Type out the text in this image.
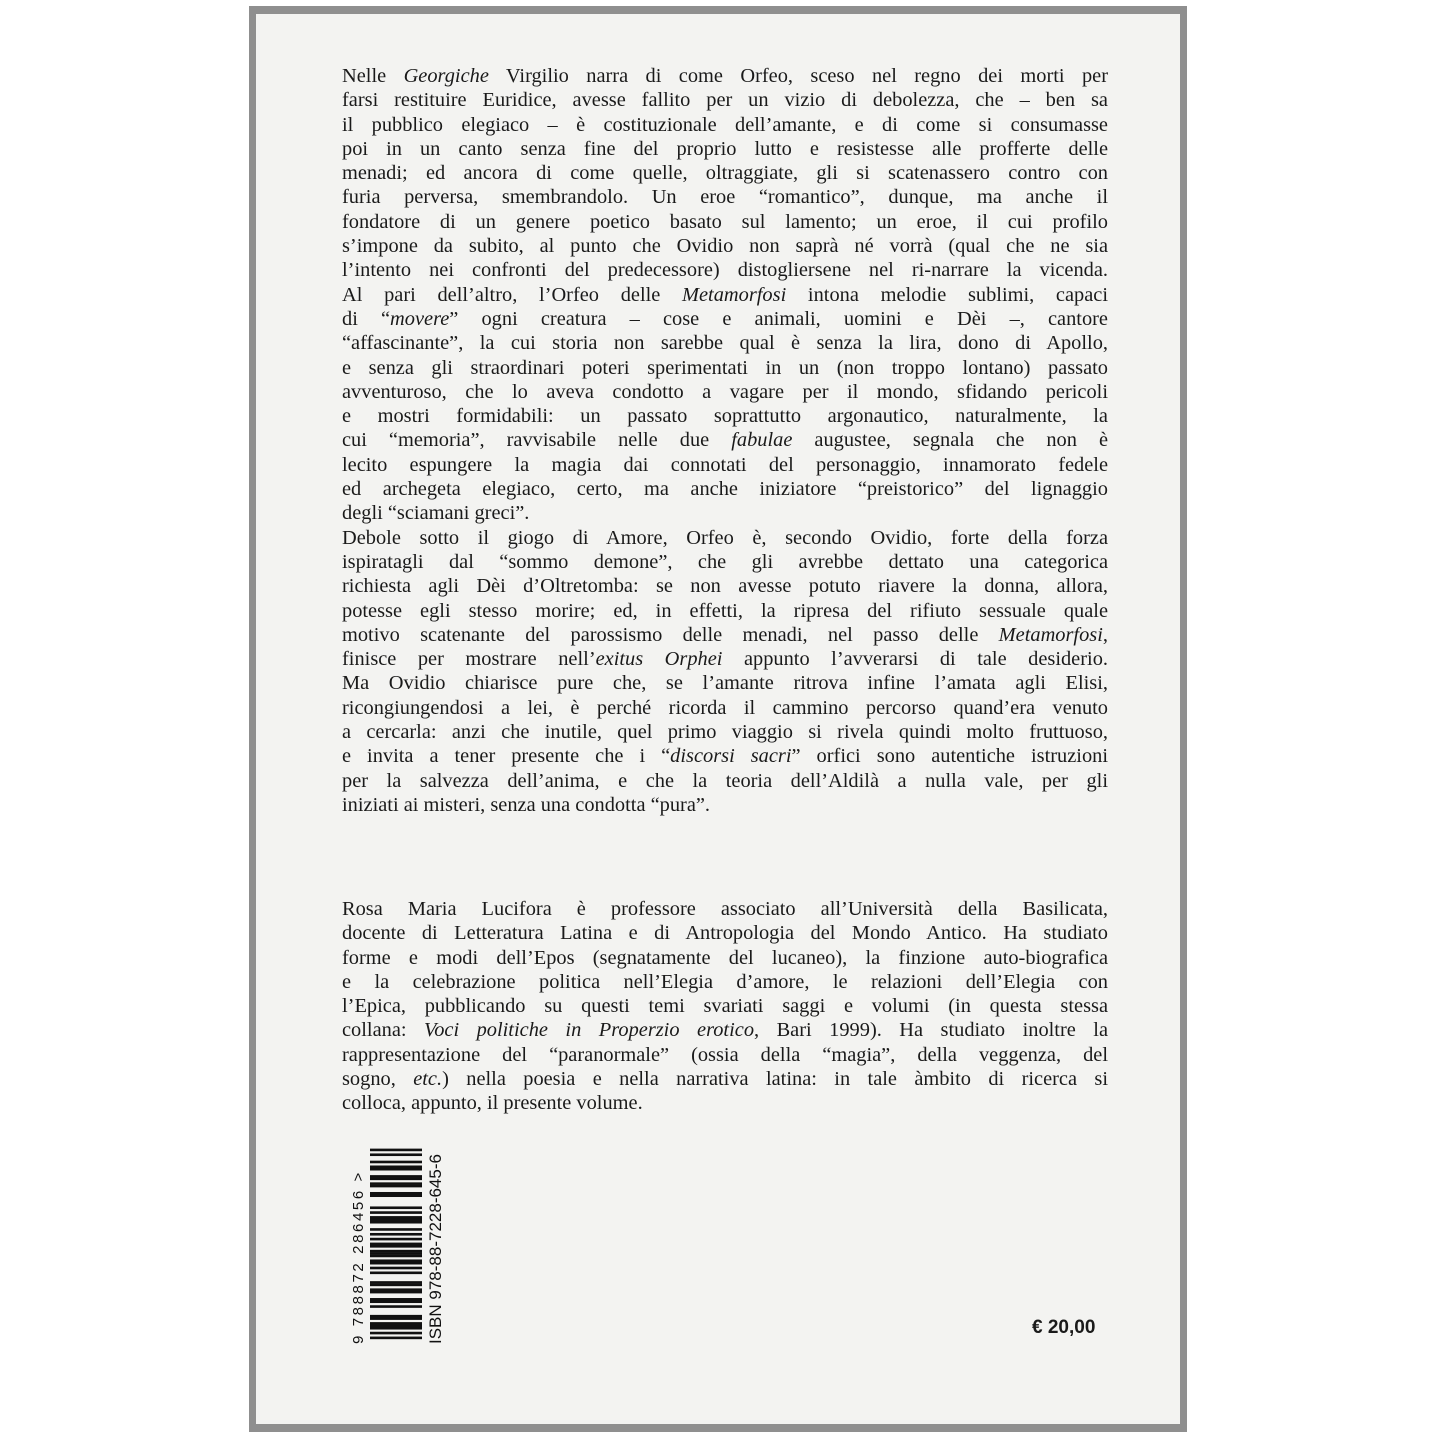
Nelle Georgiche Virgilio narra di come Orfeo, sceso nel regno dei morti per
farsi restituire Euridice, avesse fallito per un vizio di debolezza, che – ben sa
il pubblico elegiaco – è costituzionale dell’amante, e di come si consumasse
poi in un canto senza fine del proprio lutto e resistesse alle profferte delle
menadi; ed ancora di come quelle, oltraggiate, gli si scatenassero contro con
furia perversa, smembrandolo. Un eroe “romantico”, dunque, ma anche il
fondatore di un genere poetico basato sul lamento; un eroe, il cui profilo
s’impone da subito, al punto che Ovidio non saprà né vorrà (qual che ne sia
l’intento nei confronti del predecessore) distogliersene nel ri-narrare la vicenda.
Al pari dell’altro, l’Orfeo delle Metamorfosi intona melodie sublimi, capaci
di “movere” ogni creatura – cose e animali, uomini e Dèi –, cantore
“affascinante”, la cui storia non sarebbe qual è senza la lira, dono di Apollo,
e senza gli straordinari poteri sperimentati in un (non troppo lontano) passato
avventuroso, che lo aveva condotto a vagare per il mondo, sfidando pericoli
e mostri formidabili: un passato soprattutto argonautico, naturalmente, la
cui “memoria”, ravvisabile nelle due fabulae augustee, segnala che non è
lecito espungere la magia dai connotati del personaggio, innamorato fedele
ed archegeta elegiaco, certo, ma anche iniziatore “preistorico” del lignaggio
degli “sciamani greci”.
Debole sotto il giogo di Amore, Orfeo è, secondo Ovidio, forte della forza
ispiratagli dal “sommo demone”, che gli avrebbe dettato una categorica
richiesta agli Dèi d’Oltretomba: se non avesse potuto riavere la donna, allora,
potesse egli stesso morire; ed, in effetti, la ripresa del rifiuto sessuale quale
motivo scatenante del parossismo delle menadi, nel passo delle Metamorfosi,
finisce per mostrare nell’exitus Orphei appunto l’avverarsi di tale desiderio.
Ma Ovidio chiarisce pure che, se l’amante ritrova infine l’amata agli Elisi,
ricongiungendosi a lei, è perché ricorda il cammino percorso quand’era venuto
a cercarla: anzi che inutile, quel primo viaggio si rivela quindi molto fruttuoso,
e invita a tener presente che i “discorsi sacri” orfici sono autentiche istruzioni
per la salvezza dell’anima, e che la teoria dell’Aldilà a nulla vale, per gli
iniziati ai misteri, senza una condotta “pura”.
Rosa Maria Lucifora è professore associato all’Università della Basilicata,
docente di Letteratura Latina e di Antropologia del Mondo Antico. Ha studiato
forme e modi dell’Epos (segnatamente del lucaneo), la finzione auto-biografica
e la celebrazione politica nell’Elegia d’amore, le relazioni dell’Elegia con
l’Epica, pubblicando su questi temi svariati saggi e volumi (in questa stessa
collana: Voci politiche in Properzio erotico, Bari 1999). Ha studiato inoltre la
rappresentazione del “paranormale” (ossia della “magia”, della veggenza, del
sogno, etc.) nella poesia e nella narrativa latina: in tale àmbito di ricerca si
colloca, appunto, il presente volume.
9 788872 286456 >	ISBN 978-88-7228-645-6	€ 20,00
